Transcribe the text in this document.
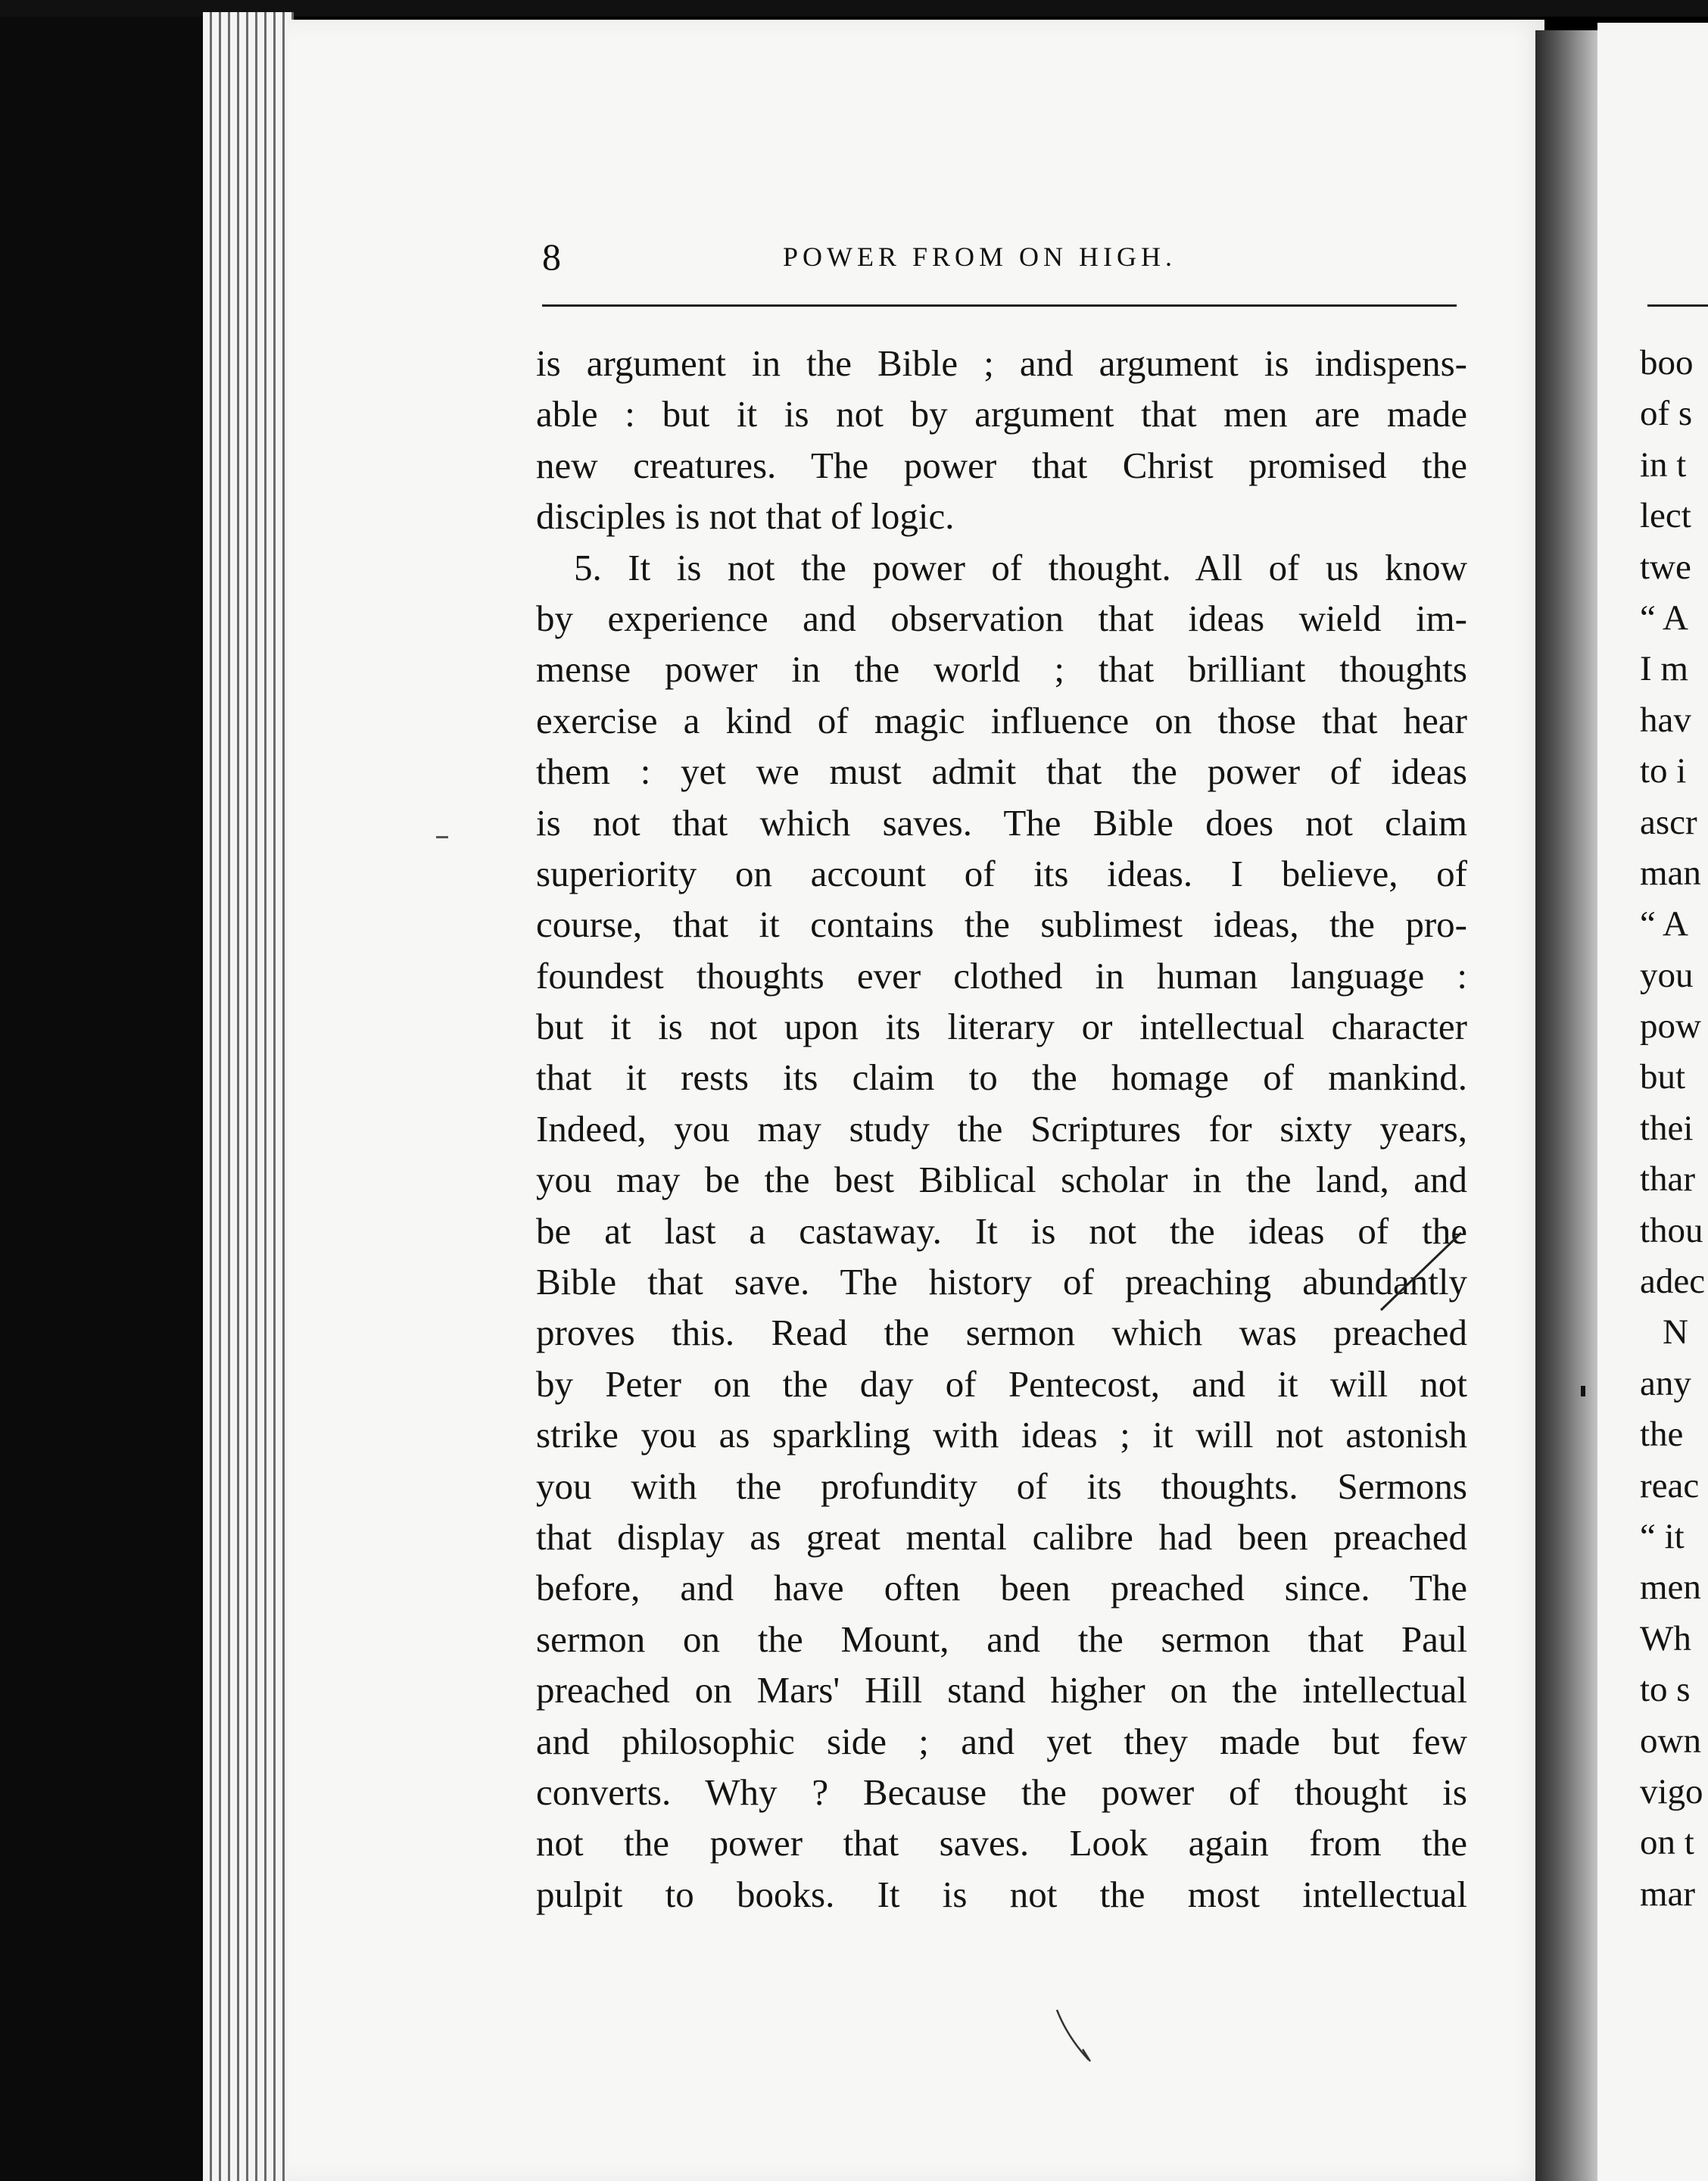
8	POWER FROM ON HIGH.
is argument in the Bible ; and argument is indispens-
able : but it is not by argument that men are made
new creatures. The power that Christ promised the
disciples is not that of logic.
5. It is not the power of thought. All of us know
by experience and observation that ideas wield im-
mense power in the world ; that brilliant thoughts
exercise a kind of magic influence on those that hear
them : yet we must admit that the power of ideas
is not that which saves. The Bible does not claim
superiority on account of its ideas. I believe, of
course, that it contains the sublimest ideas, the pro-
foundest thoughts ever clothed in human language :
but it is not upon its literary or intellectual character
that it rests its claim to the homage of mankind.
Indeed, you may study the Scriptures for sixty years,
you may be the best Biblical scholar in the land, and
be at last a castaway. It is not the ideas of the
Bible that save. The history of preaching abundantly
proves this. Read the sermon which was preached
by Peter on the day of Pentecost, and it will not
strike you as sparkling with ideas ; it will not astonish
you with the profundity of its thoughts. Sermons
that display as great mental calibre had been preached
before, and have often been preached since. The
sermon on the Mount, and the sermon that Paul
preached on Mars' Hill stand higher on the intellectual
and philosophic side ; and yet they made but few
converts. Why ? Because the power of thought is
not the power that saves. Look again from the
pulpit to books. It is not the most intellectual
boo
of s
in t
lect
twe
“ A
I m
hav
to i
ascr
man
“ A
you
pow
but
thei
thar
thou
adec
N
any
the
reac
“ it
men
Wh
to s
own
vigo
on t
mar
